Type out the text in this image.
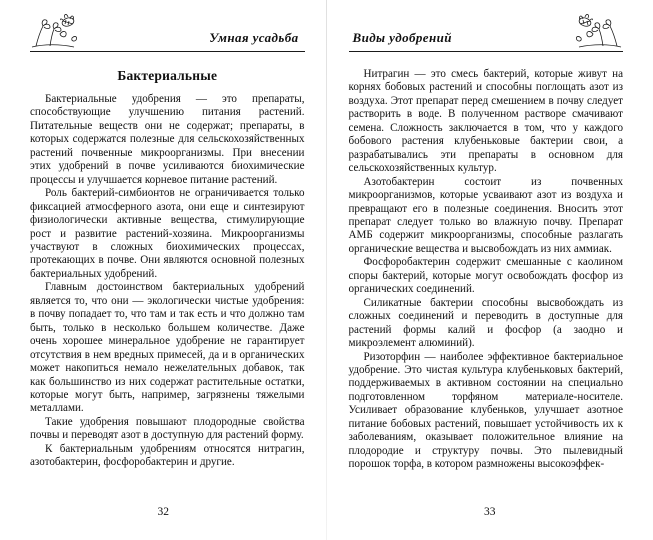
Умная усадьба
Бактериальные

Бактериальные удобрения — это препараты, способствующие улучшению питания растений. Питательные веществ они не содержат; препараты, в которых содержатся полезные для сельскохозяйственных растений почвенные микроорганизмы. При внесении этих удобрений в почве усиливаются биохимические процессы и улучшается корневое питание растений.

Роль бактерий-симбионтов не ограничивается только фиксацией атмосферного азота, они еще и синтезируют физиологически активные вещества, стимулирующие рост и развитие растений-хозяина. Микроорганизмы участвуют в сложных биохимических процессах, протекающих в почве. Они являются основной полезных бактериальных удобрений.

Главным достоинством бактериальных удобрений является то, что они — экологически чистые удобрения: в почву попадает то, что там и так есть и что должно там быть, только в несколько большем количестве. Даже очень хорошее минеральное удобрение не гарантирует отсутствия в нем вредных примесей, да и в органических может накопиться немало нежелательных добавок, так как большинство из них содержат растительные остатки, которые могут быть, например, загрязнены тяжелыми металлами.

Такие удобрения повышают плодородные свойства почвы и переводят азот в доступную для растений форму.

К бактериальным удобрениям относятся нитрагин, азотобактерин, фосфоробактерин и другие.

32
Виды удобрений

Нитрагин — это смесь бактерий, которые живут на корнях бобовых растений и способны поглощать азот из воздуха. Этот препарат перед смешением в почву следует растворить в воде. В полученном растворе смачивают семена. Сложность заключается в том, что у каждого бобового растения клубеньковые бактерии свои, а разрабатывались эти препараты в основном для сельскохозяйственных культур.

Азотобактерин состоит из почвенных микроорганизмов, которые усваивают азот из воздуха и превращают его в полезные соединения. Вносить этот препарат следует только во влажную почву. Препарат АМБ содержит микроорганизмы, способные разлагать органические вещества и высвобождать из них аммиак.

Фосфоробактерин содержит смешанные с каолином споры бактерий, которые могут освобождать фосфор из органических соединений.

Силикатные бактерии способны высвобождать из сложных соединений и переводить в доступные для растений формы калий и фосфор (а заодно и микроэлемент алюминий).

Ризоторфин — наиболее эффективное бактериальное удобрение. Это чистая культура клубеньковых бактерий, поддерживаемых в активном состоянии на специально подготовленном торфяном материале-носителе. Усиливает образование клубеньков, улучшает азотное питание бобовых растений, повышает устойчивость их к заболеваниям, оказывает положительное влияние на плодородие и структуру почвы. Это пылевидный порошок торфа, в котором размножены высокоэффек-

33
